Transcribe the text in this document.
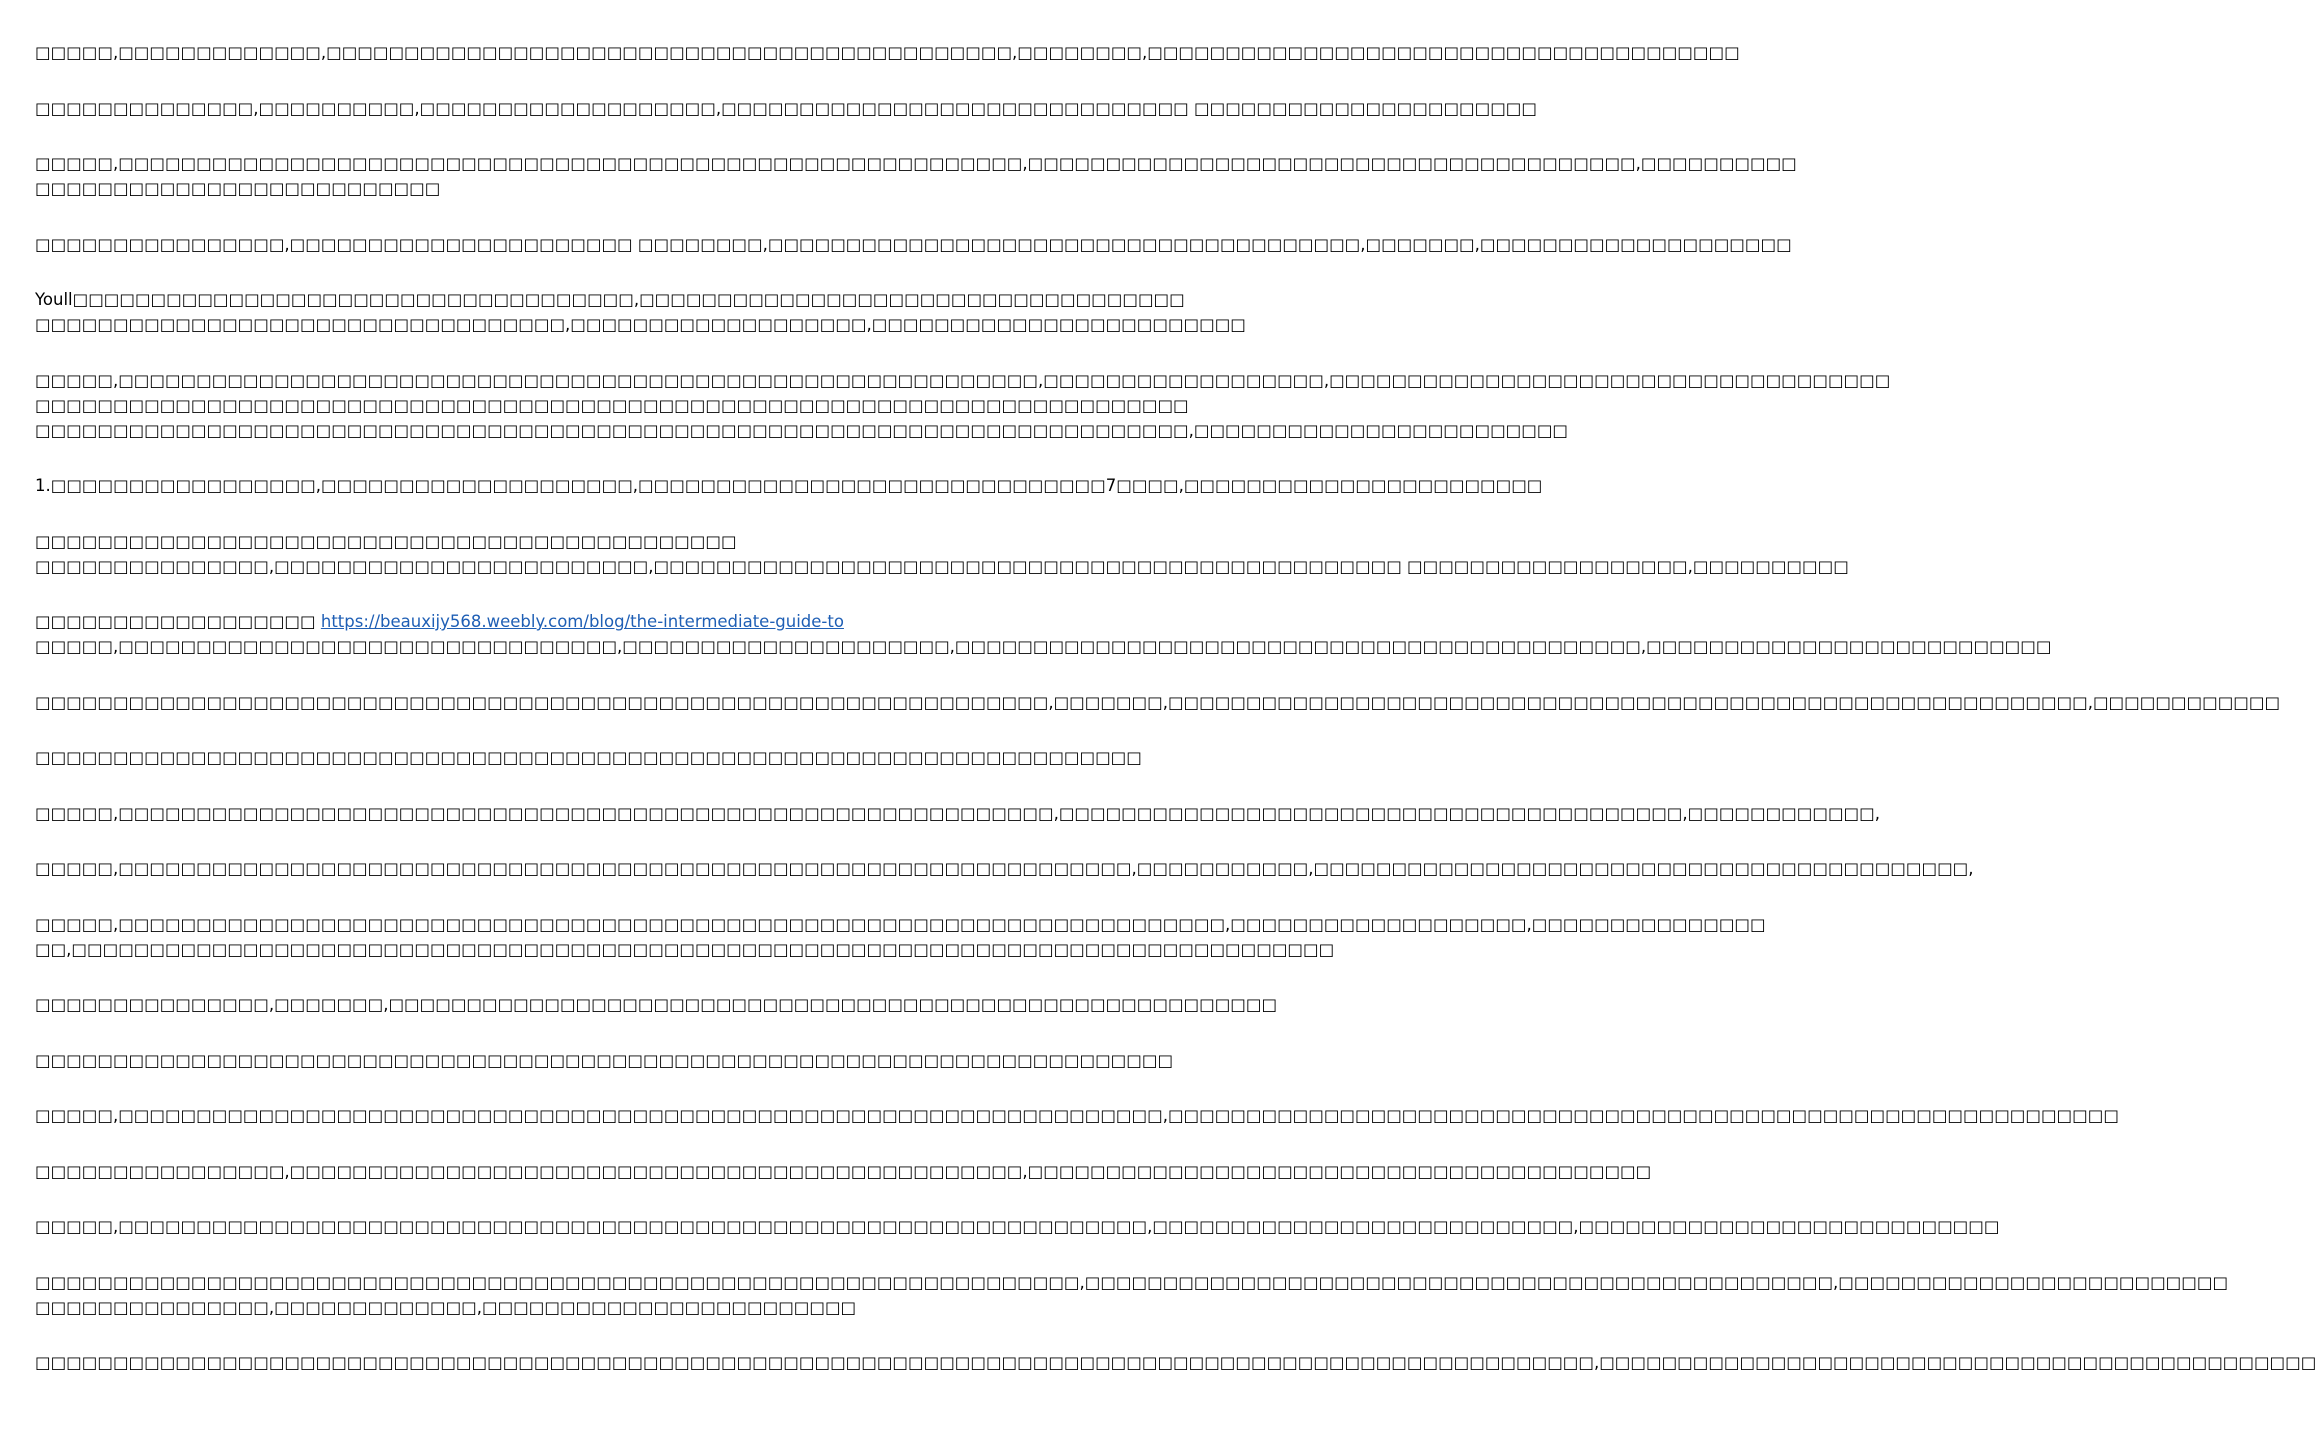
□□□□□,□□□□□□□□□□□□□,□□□□□□□□□□□□□□□□□□□□□□□□□□□□□□□□□□□□□□□□□□□□,□□□□□□□□,□□□□□□□□□□□□□□□□□□□□□□□□□□□□□□□□□□□□□□
□□□□□□□□□□□□□□,□□□□□□□□□□,□□□□□□□□□□□□□□□□□□□,□□□□□□□□□□□□□□□□□□□□□□□□□□□□□□ □□□□□□□□□□□□□□□□□□□□□□
□□□□□,□□□□□□□□□□□□□□□□□□□□□□□□□□□□□□□□□□□□□□□□□□□□□□□□□□□□□□□□□□,□□□□□□□□□□□□□□□□□□□□□□□□□□□□□□□□□□□□□□□,□□□□□□□□□□
□□□□□□□□□□□□□□□□□□□□□□□□□□
□□□□□□□□□□□□□□□□,□□□□□□□□□□□□□□□□□□□□□□ □□□□□□□□,□□□□□□□□□□□□□□□□□□□□□□□□□□□□□□□□□□□□□□,□□□□□□□,□□□□□□□□□□□□□□□□□□□□
Youll□□□□□□□□□□□□□□□□□□□□□□□□□□□□□□□□□□□□,□□□□□□□□□□□□□□□□□□□□□□□□□□□□□□□□□□□
□□□□□□□□□□□□□□□□□□□□□□□□□□□□□□□□□□,□□□□□□□□□□□□□□□□□□□,□□□□□□□□□□□□□□□□□□□□□□□□
□□□□□,□□□□□□□□□□□□□□□□□□□□□□□□□□□□□□□□□□□□□□□□□□□□□□□□□□□□□□□□□□□,□□□□□□□□□□□□□□□□□□,□□□□□□□□□□□□□□□□□□□□□□□□□□□□□□□□□□□□
□□□□□□□□□□□□□□□□□□□□□□□□□□□□□□□□□□□□□□□□□□□□□□□□□□□□□□□□□□□□□□□□□□□□□□□□□□
□□□□□□□□□□□□□□□□□□□□□□□□□□□□□□□□□□□□□□□□□□□□□□□□□□□□□□□□□□□□□□□□□□□□□□□□□□,□□□□□□□□□□□□□□□□□□□□□□□□
1.□□□□□□□□□□□□□□□□□,□□□□□□□□□□□□□□□□□□□□,□□□□□□□□□□□□□□□□□□□□□□□□□□□□□□7□□□□,□□□□□□□□□□□□□□□□□□□□□□□
□□□□□□□□□□□□□□□□□□□□□□□□□□□□□□□□□□□□□□□□□□□□□
□□□□□□□□□□□□□□□,□□□□□□□□□□□□□□□□□□□□□□□□,□□□□□□□□□□□□□□□□□□□□□□□□□□□□□□□□□□□□□□□□□□□□□□□□ □□□□□□□□□□□□□□□□□□,□□□□□□□□□□
□□□□□□□□□□□□□□□□□□ https://beauxijy568.weebly.com/blog/the-intermediate-guide-to
□□□□□,□□□□□□□□□□□□□□□□□□□□□□□□□□□□□□□□,□□□□□□□□□□□□□□□□□□□□□,□□□□□□□□□□□□□□□□□□□□□□□□□□□□□□□□□□□□□□□□□□□□,□□□□□□□□□□□□□□□□□□□□□□□□□□
□□□□□□□□□□□□□□□□□□□□□□□□□□□□□□□□□□□□□□□□□□□□□□□□□□□□□□□□□□□□□□□□□,□□□□□□□,□□□□□□□□□□□□□□□□□□□□□□□□□□□□□□□□□□□□□□□□□□□□□□□□□□□□□□□□□□□,□□□□□□□□□□□□
□□□□□□□□□□□□□□□□□□□□□□□□□□□□□□□□□□□□□□□□□□□□□□□□□□□□□□□□□□□□□□□□□□□□□□□
□□□□□,□□□□□□□□□□□□□□□□□□□□□□□□□□□□□□□□□□□□□□□□□□□□□□□□□□□□□□□□□□□□,□□□□□□□□□□□□□□□□□□□□□□□□□□□□□□□□□□□□□□□□,□□□□□□□□□□□□,
□□□□□,□□□□□□□□□□□□□□□□□□□□□□□□□□□□□□□□□□□□□□□□□□□□□□□□□□□□□□□□□□□□□□□□□,□□□□□□□□□□□,□□□□□□□□□□□□□□□□□□□□□□□□□□□□□□□□□□□□□□□□□□,
□□□□□,□□□□□□□□□□□□□□□□□□□□□□□□□□□□□□□□□□□□□□□□□□□□□□□□□□□□□□□□□□□□□□□□□□□□□□□,□□□□□□□□□□□□□□□□□□□,□□□□□□□□□□□□□□□
□□,□□□□□□□□□□□□□□□□□□□□□□□□□□□□□□□□□□□□□□□□□□□□□□□□□□□□□□□□□□□□□□□□□□□□□□□□□□□□□□□□□
□□□□□□□□□□□□□□□,□□□□□□□,□□□□□□□□□□□□□□□□□□□□□□□□□□□□□□□□□□□□□□□□□□□□□□□□□□□□□□□□□
□□□□□□□□□□□□□□□□□□□□□□□□□□□□□□□□□□□□□□□□□□□□□□□□□□□□□□□□□□□□□□□□□□□□□□□□□
□□□□□,□□□□□□□□□□□□□□□□□□□□□□□□□□□□□□□□□□□□□□□□□□□□□□□□□□□□□□□□□□□□□□□□□□□,□□□□□□□□□□□□□□□□□□□□□□□□□□□□□□□□□□□□□□□□□□□□□□□□□□□□□□□□□□□□□
□□□□□□□□□□□□□□□□,□□□□□□□□□□□□□□□□□□□□□□□□□□□□□□□□□□□□□□□□□□□□□□□,□□□□□□□□□□□□□□□□□□□□□□□□□□□□□□□□□□□□□□□□
□□□□□,□□□□□□□□□□□□□□□□□□□□□□□□□□□□□□□□□□□□□□□□□□□□□□□□□□□□□□□□□□□□□□□□□□,□□□□□□□□□□□□□□□□□□□□□□□□□□□,□□□□□□□□□□□□□□□□□□□□□□□□□□□
□□□□□□□□□□□□□□□□□□□□□□□□□□□□□□□□□□□□□□□□□□□□□□□□□□□□□□□□□□□□□□□□□□□,□□□□□□□□□□□□□□□□□□□□□□□□□□□□□□□□□□□□□□□□□□□□□□□□,□□□□□□□□□□□□□□□□□□□□□□□□□
□□□□□□□□□□□□□□□,□□□□□□□□□□□□□,□□□□□□□□□□□□□□□□□□□□□□□□
□□□□□□□□□□□□□□□□□□□□□□□□□□□□□□□□□□□□□□□□□□□□□□□□□□□□□□□□□□□□□□□□□□□□□□□□□□□□□□□□□□□□□□□□□□□□□□□□□□□□,□□□□□□□□□□□□□□□□□□□□□□□□□□□□□□□□□□□□□□□□□□□□□□
